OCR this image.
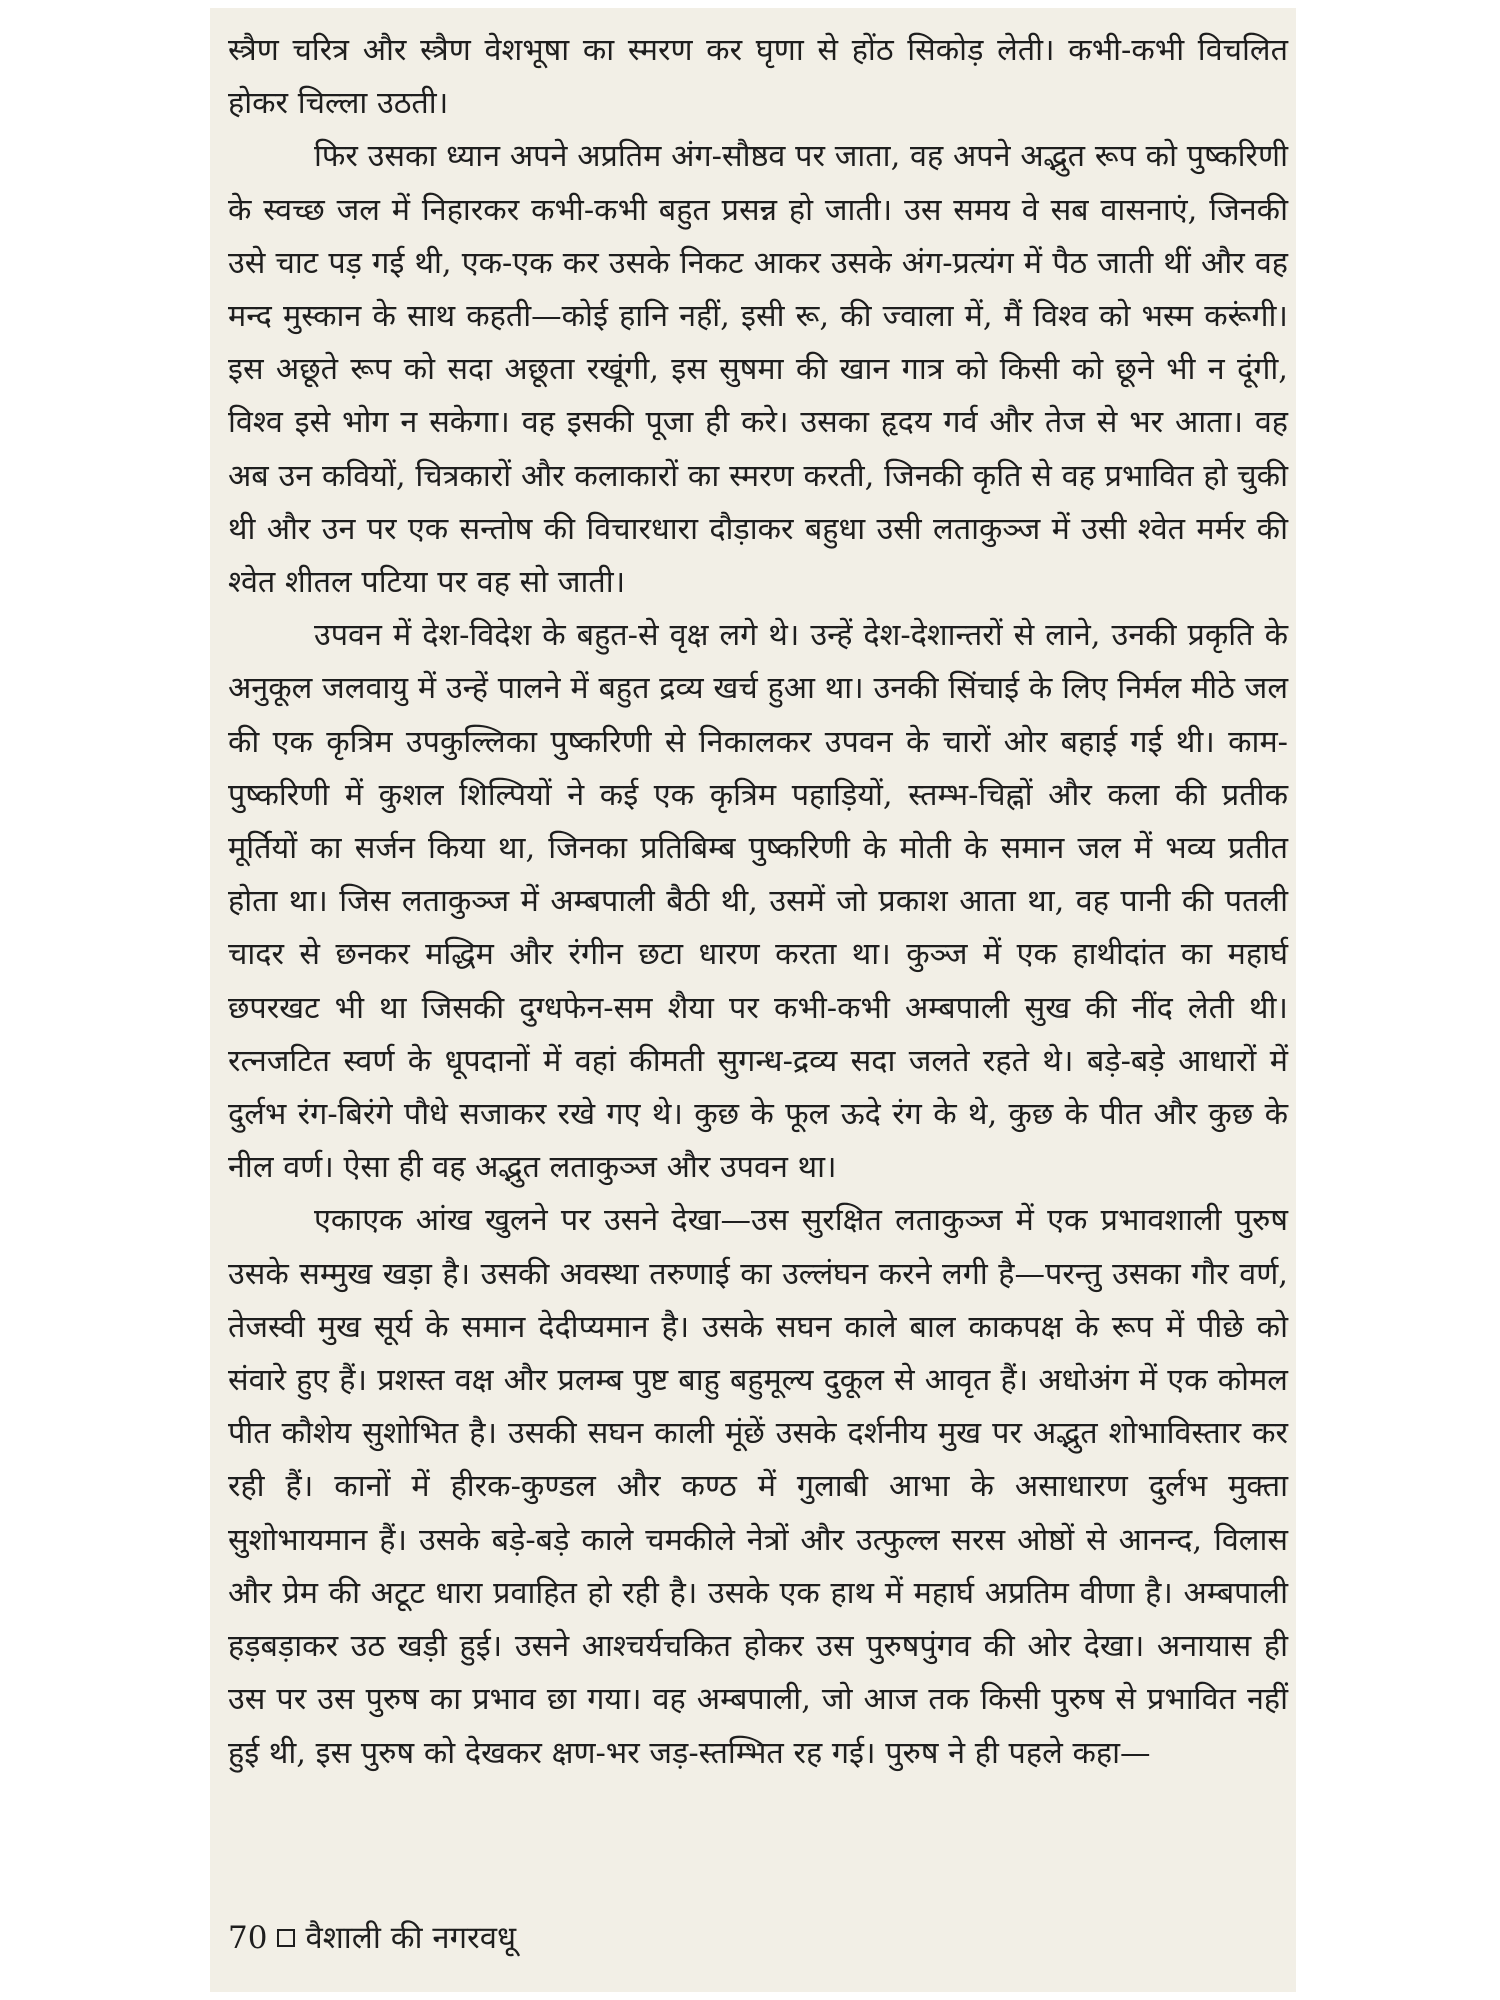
स्त्रैण चरित्र और स्त्रैण वेशभूषा का स्मरण कर घृणा से होंठ सिकोड़ लेती। कभी-कभी विचलित होकर चिल्ला उठती।

फिर उसका ध्यान अपने अप्रतिम अंग-सौष्ठव पर जाता, वह अपने अद्भुत रूप को पुष्करिणी के स्वच्छ जल में निहारकर कभी-कभी बहुत प्रसन्न हो जाती। उस समय वे सब वासनाएं, जिनकी उसे चाट पड़ गई थी, एक-एक कर उसके निकट आकर उसके अंग-प्रत्यंग में पैठ जाती थीं और वह मन्द मुस्कान के साथ कहती—कोई हानि नहीं, इसी रू, की ज्वाला में, मैं विश्व को भस्म करूंगी। इस अछूते रूप को सदा अछूता रखूंगी, इस सुषमा की खान गात्र को किसी को छूने भी न दूंगी, विश्व इसे भोग न सकेगा। वह इसकी पूजा ही करे। उसका हृदय गर्व और तेज से भर आता। वह अब उन कवियों, चित्रकारों और कलाकारों का स्मरण करती, जिनकी कृति से वह प्रभावित हो चुकी थी और उन पर एक सन्तोष की विचारधारा दौड़ाकर बहुधा उसी लताकुञ्ज में उसी श्वेत मर्मर की श्वेत शीतल पटिया पर वह सो जाती।

उपवन में देश-विदेश के बहुत-से वृक्ष लगे थे। उन्हें देश-देशान्तरों से लाने, उनकी प्रकृति के अनुकूल जलवायु में उन्हें पालने में बहुत द्रव्य खर्च हुआ था। उनकी सिंचाई के लिए निर्मल मीठे जल की एक कृत्रिम उपकुल्लिका पुष्करिणी से निकालकर उपवन के चारों ओर बहाई गई थी। काम-पुष्करिणी में कुशल शिल्पियों ने कई एक कृत्रिम पहाड़ियों, स्तम्भ-चिह्नों और कला की प्रतीक मूर्तियों का सर्जन किया था, जिनका प्रतिबिम्ब पुष्करिणी के मोती के समान जल में भव्य प्रतीत होता था। जिस लताकुञ्ज में अम्बपाली बैठी थी, उसमें जो प्रकाश आता था, वह पानी की पतली चादर से छनकर मद्धिम और रंगीन छटा धारण करता था। कुञ्ज में एक हाथीदांत का महार्घ छपरखट भी था जिसकी दुग्धफेन-सम शैया पर कभी-कभी अम्बपाली सुख की नींद लेती थी। रत्नजटित स्वर्ण के धूपदानों में वहां कीमती सुगन्ध-द्रव्य सदा जलते रहते थे। बड़े-बड़े आधारों में दुर्लभ रंग-बिरंगे पौधे सजाकर रखे गए थे। कुछ के फूल ऊदे रंग के थे, कुछ के पीत और कुछ के नील वर्ण। ऐसा ही वह अद्भुत लताकुञ्ज और उपवन था।

एकाएक आंख खुलने पर उसने देखा—उस सुरक्षित लताकुञ्ज में एक प्रभावशाली पुरुष उसके सम्मुख खड़ा है। उसकी अवस्था तरुणाई का उल्लंघन करने लगी है—परन्तु उसका गौर वर्ण, तेजस्वी मुख सूर्य के समान देदीप्यमान है। उसके सघन काले बाल काकपक्ष के रूप में पीछे को संवारे हुए हैं। प्रशस्त वक्ष और प्रलम्ब पुष्ट बाहु बहुमूल्य दुकूल से आवृत हैं। अधोअंग में एक कोमल पीत कौशेय सुशोभित है। उसकी सघन काली मूंछें उसके दर्शनीय मुख पर अद्भुत शोभाविस्तार कर रही हैं। कानों में हीरक-कुण्डल और कण्ठ में गुलाबी आभा के असाधारण दुर्लभ मुक्ता सुशोभायमान हैं। उसके बड़े-बड़े काले चमकीले नेत्रों और उत्फुल्ल सरस ओष्ठों से आनन्द, विलास और प्रेम की अटूट धारा प्रवाहित हो रही है। उसके एक हाथ में महार्घ अप्रतिम वीणा है। अम्बपाली हड़बड़ाकर उठ खड़ी हुई। उसने आश्चर्यचकित होकर उस पुरुषपुंगव की ओर देखा। अनायास ही उस पर उस पुरुष का प्रभाव छा गया। वह अम्बपाली, जो आज तक किसी पुरुष से प्रभावित नहीं हुई थी, इस पुरुष को देखकर क्षण-भर जड़-स्तम्भित रह गई। पुरुष ने ही पहले कहा—

70 वैशाली की नगरवधू
